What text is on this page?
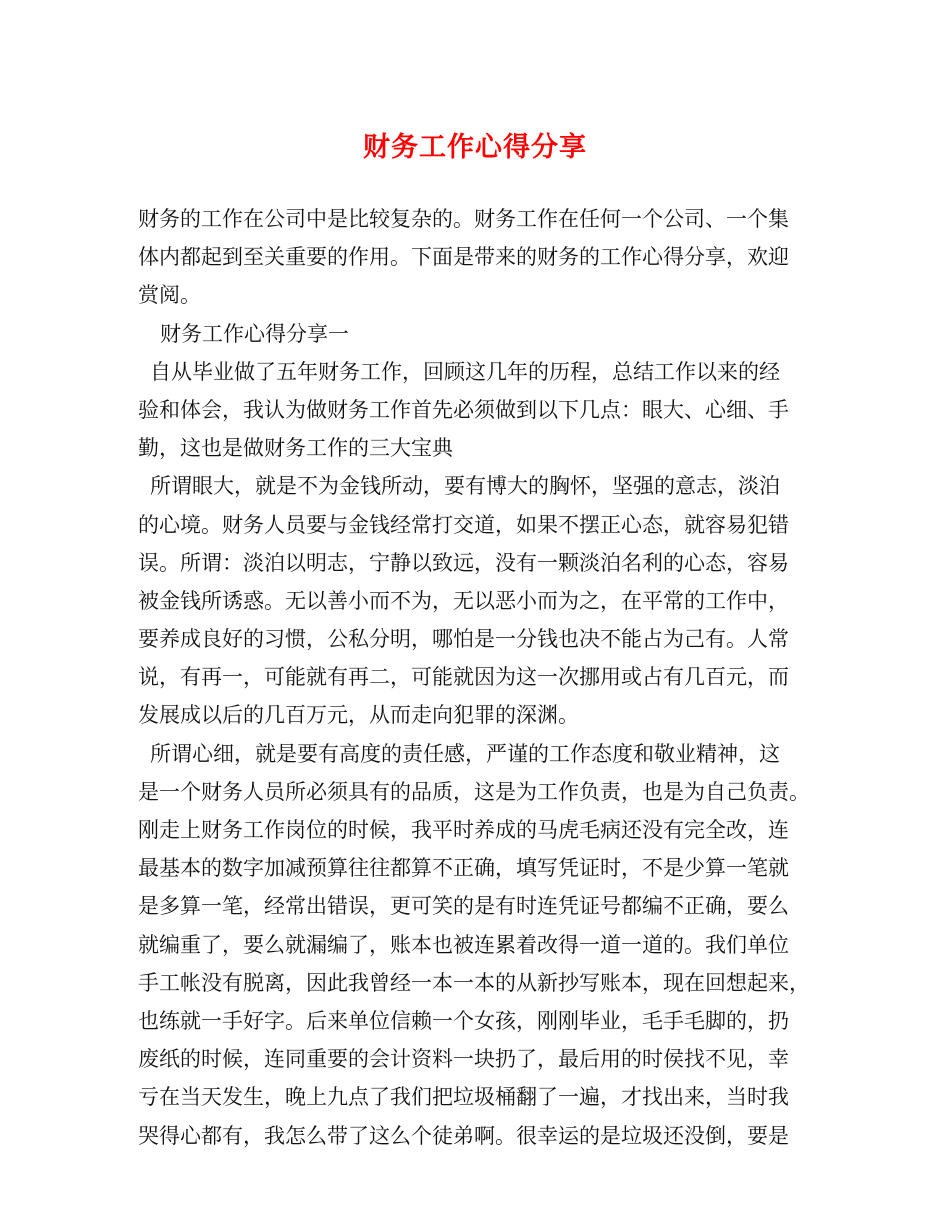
财务工作心得分享
财务的工作在公司中是比较复杂的。财务工作在任何一个公司、一个集
体内都起到至关重要的作用。下面是带来的财务的工作心得分享，欢迎
赏阅。
财务工作心得分享一
自从毕业做了五年财务工作，回顾这几年的历程，总结工作以来的经
验和体会，我认为做财务工作首先必须做到以下几点：眼大、心细、手
勤，这也是做财务工作的三大宝典
所谓眼大，就是不为金钱所动，要有博大的胸怀，坚强的意志，淡泊
的心境。财务人员要与金钱经常打交道，如果不摆正心态，就容易犯错
误。所谓：淡泊以明志，宁静以致远，没有一颗淡泊名利的心态，容易
被金钱所诱惑。无以善小而不为，无以恶小而为之，在平常的工作中，
要养成良好的习惯，公私分明，哪怕是一分钱也决不能占为己有。人常
说，有再一，可能就有再二，可能就因为这一次挪用或占有几百元，而
发展成以后的几百万元，从而走向犯罪的深渊。
所谓心细，就是要有高度的责任感，严谨的工作态度和敬业精神，这
是一个财务人员所必须具有的品质，这是为工作负责，也是为自己负责。
刚走上财务工作岗位的时候，我平时养成的马虎毛病还没有完全改，连
最基本的数字加减预算往往都算不正确，填写凭证时，不是少算一笔就
是多算一笔，经常出错误，更可笑的是有时连凭证号都编不正确，要么
就编重了，要么就漏编了，账本也被连累着改得一道一道的。我们单位
手工帐没有脱离，因此我曾经一本一本的从新抄写账本，现在回想起来，
也练就一手好字。后来单位信赖一个女孩，刚刚毕业，毛手毛脚的，扔
废纸的时候，连同重要的会计资料一块扔了，最后用的时侯找不见，幸
亏在当天发生，晚上九点了我们把垃圾桶翻了一遍，才找出来，当时我
哭得心都有，我怎么带了这么个徒弟啊。很幸运的是垃圾还没倒，要是
